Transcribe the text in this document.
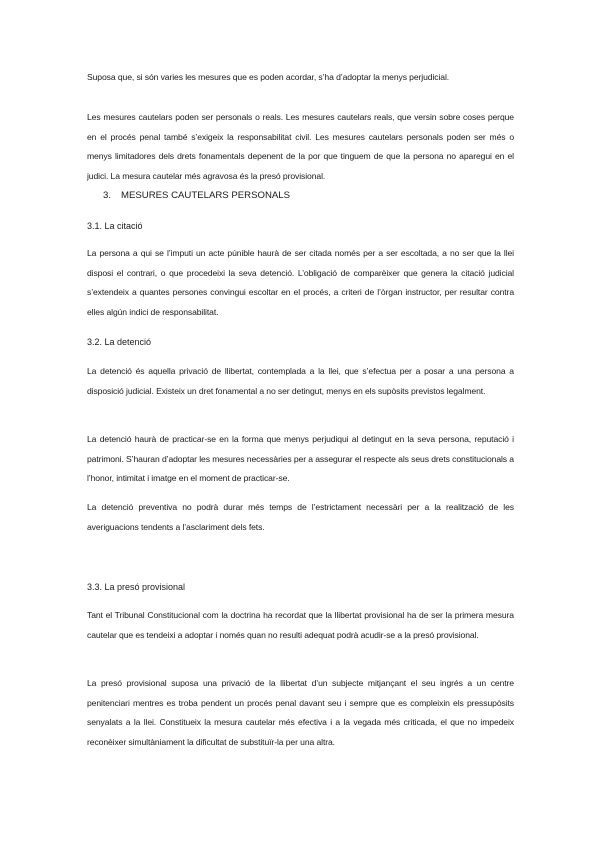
Suposa que, si són varies les mesures que es poden acordar, s’ha d’adoptar la menys perjudicial.

Les mesures cautelars poden ser personals o reals. Les mesures cautelars reals, que versin sobre coses perque en el procés penal també s’exigeix la responsabilitat civil. Les mesures cautelars personals poden ser més o menys limitadores dels drets fonamentals depenent de la por que tinguem de que la persona no aparegui en el judici. La mesura cautelar més agravosa és la presó provisional.

3. MESURES CAUTELARS PERSONALS
3.1. La citació

La persona a qui se l’imputi un acte púnible haurà de ser citada només per a ser escoltada, a no ser que la llei disposi el contrari, o que procedeixi la seva detenció. L’obligació de comparèixer que genera la citació judicial s’extendeix a quantes persones convingui escoltar en el procés, a criteri de l’òrgan instructor, per resultar contra elles algún indici de responsabilitat.

3.2. La detenció

La detenció és aquella privació de llibertat, contemplada a la llei, que s’efectua per a posar a una persona a disposició judicial. Existeix un dret fonamental a no ser detingut, menys en els supòsits previstos legalment.

La detenció haurà de practicar-se en la forma que menys perjudiqui al detingut en la seva persona, reputació i patrimoni. S’hauran d’adoptar les mesures necessàries per a assegurar el respecte als seus drets constitucionals a l’honor, intimitat i imatge en el moment de practicar-se.

La detenció preventiva no podrà durar més temps de l’estrictament necessàri per a la realització de les averiguacions tendents a l’asclariment dels fets.

3.3. La presó provisional

Tant el Tribunal Constitucional com la doctrina ha recordat que la llibertat provisional ha de ser la primera mesura cautelar que es tendeixi a adoptar i només quan no resulti adequat podrà acudir-se a la presó provisional.

La presó provisional suposa una privació de la llibertat d’un subjecte mitjançant el seu ingrés a un centre penitenciari mentres es troba pendent un procés penal davant seu i sempre que es compleixin els pressupòsits senyalats a la llei. Constitueix la mesura cautelar més efectiva i a la vegada més criticada, el que no impedeix reconèixer simultàniament la dificultat de substituïr-la per una altra.
